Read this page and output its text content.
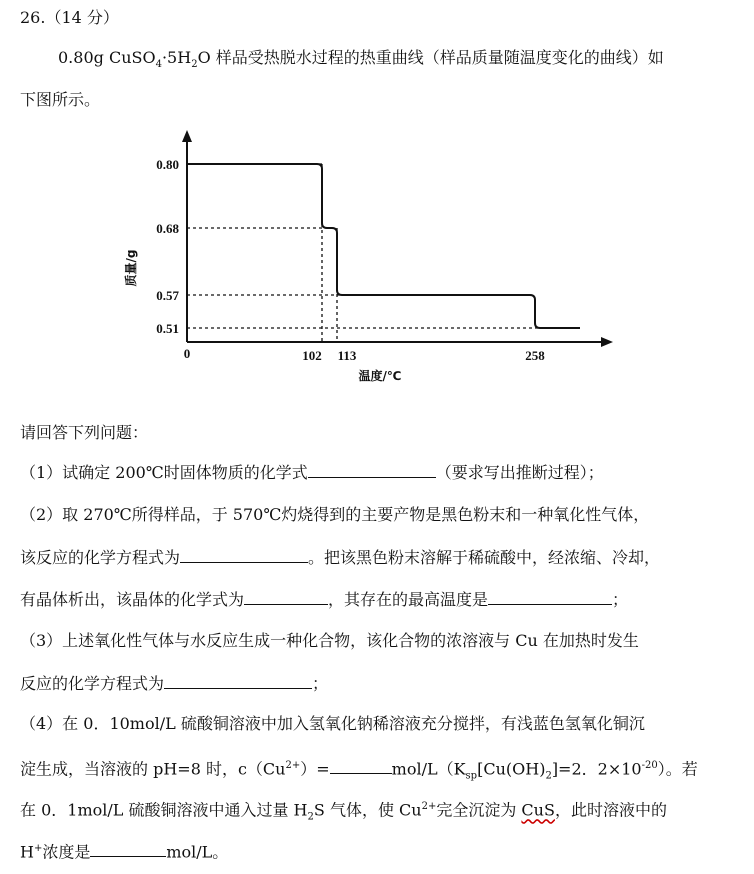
26.（14 分）
0.80g $CuSO_4\cdot 5H_2O$ 样品受热脱水过程的热重曲线（样品质量随温度变化的曲线）如
下图所示。
0.80
0.68
0.57
0.51
0	102 113	258
质量/g
温度/℃
请回答下列问题：
（1）试确定 200℃时固体物质的化学式	（要求写出推断过程）；
（2）取 270℃所得样品，于 570℃灼烧得到的主要产物是黑色粉末和一种氧化性气体，
该反应的化学方程式为	。把该黑色粉末溶解于稀硫酸中，经浓缩、冷却，
有晶体析出，该晶体的化学式为	，其存在的最高温度是	；
（3）上述氧化性气体与水反应生成一种化合物，该化合物的浓溶液与 Cu 在加热时发生
反应的化学方程式为	；
（4）在 0．10mol/L 硫酸铜溶液中加入氢氧化钠稀溶液充分搅拌，有浅蓝色氢氧化铜沉
淀生成，当溶液的 pH=8 时，$c(Cu^{2+})=$	mol/$L(K_{sp}[Cu(OH)_2]=2$．$2\times 10^{-20}$）。若
在 0．1mol/L 硫酸铜溶液中通入过量 $H_2S$ 气体，使 $Cu^{2+}$完全沉淀为 CuS，此时溶液中的
H+浓度是	mol/L。
